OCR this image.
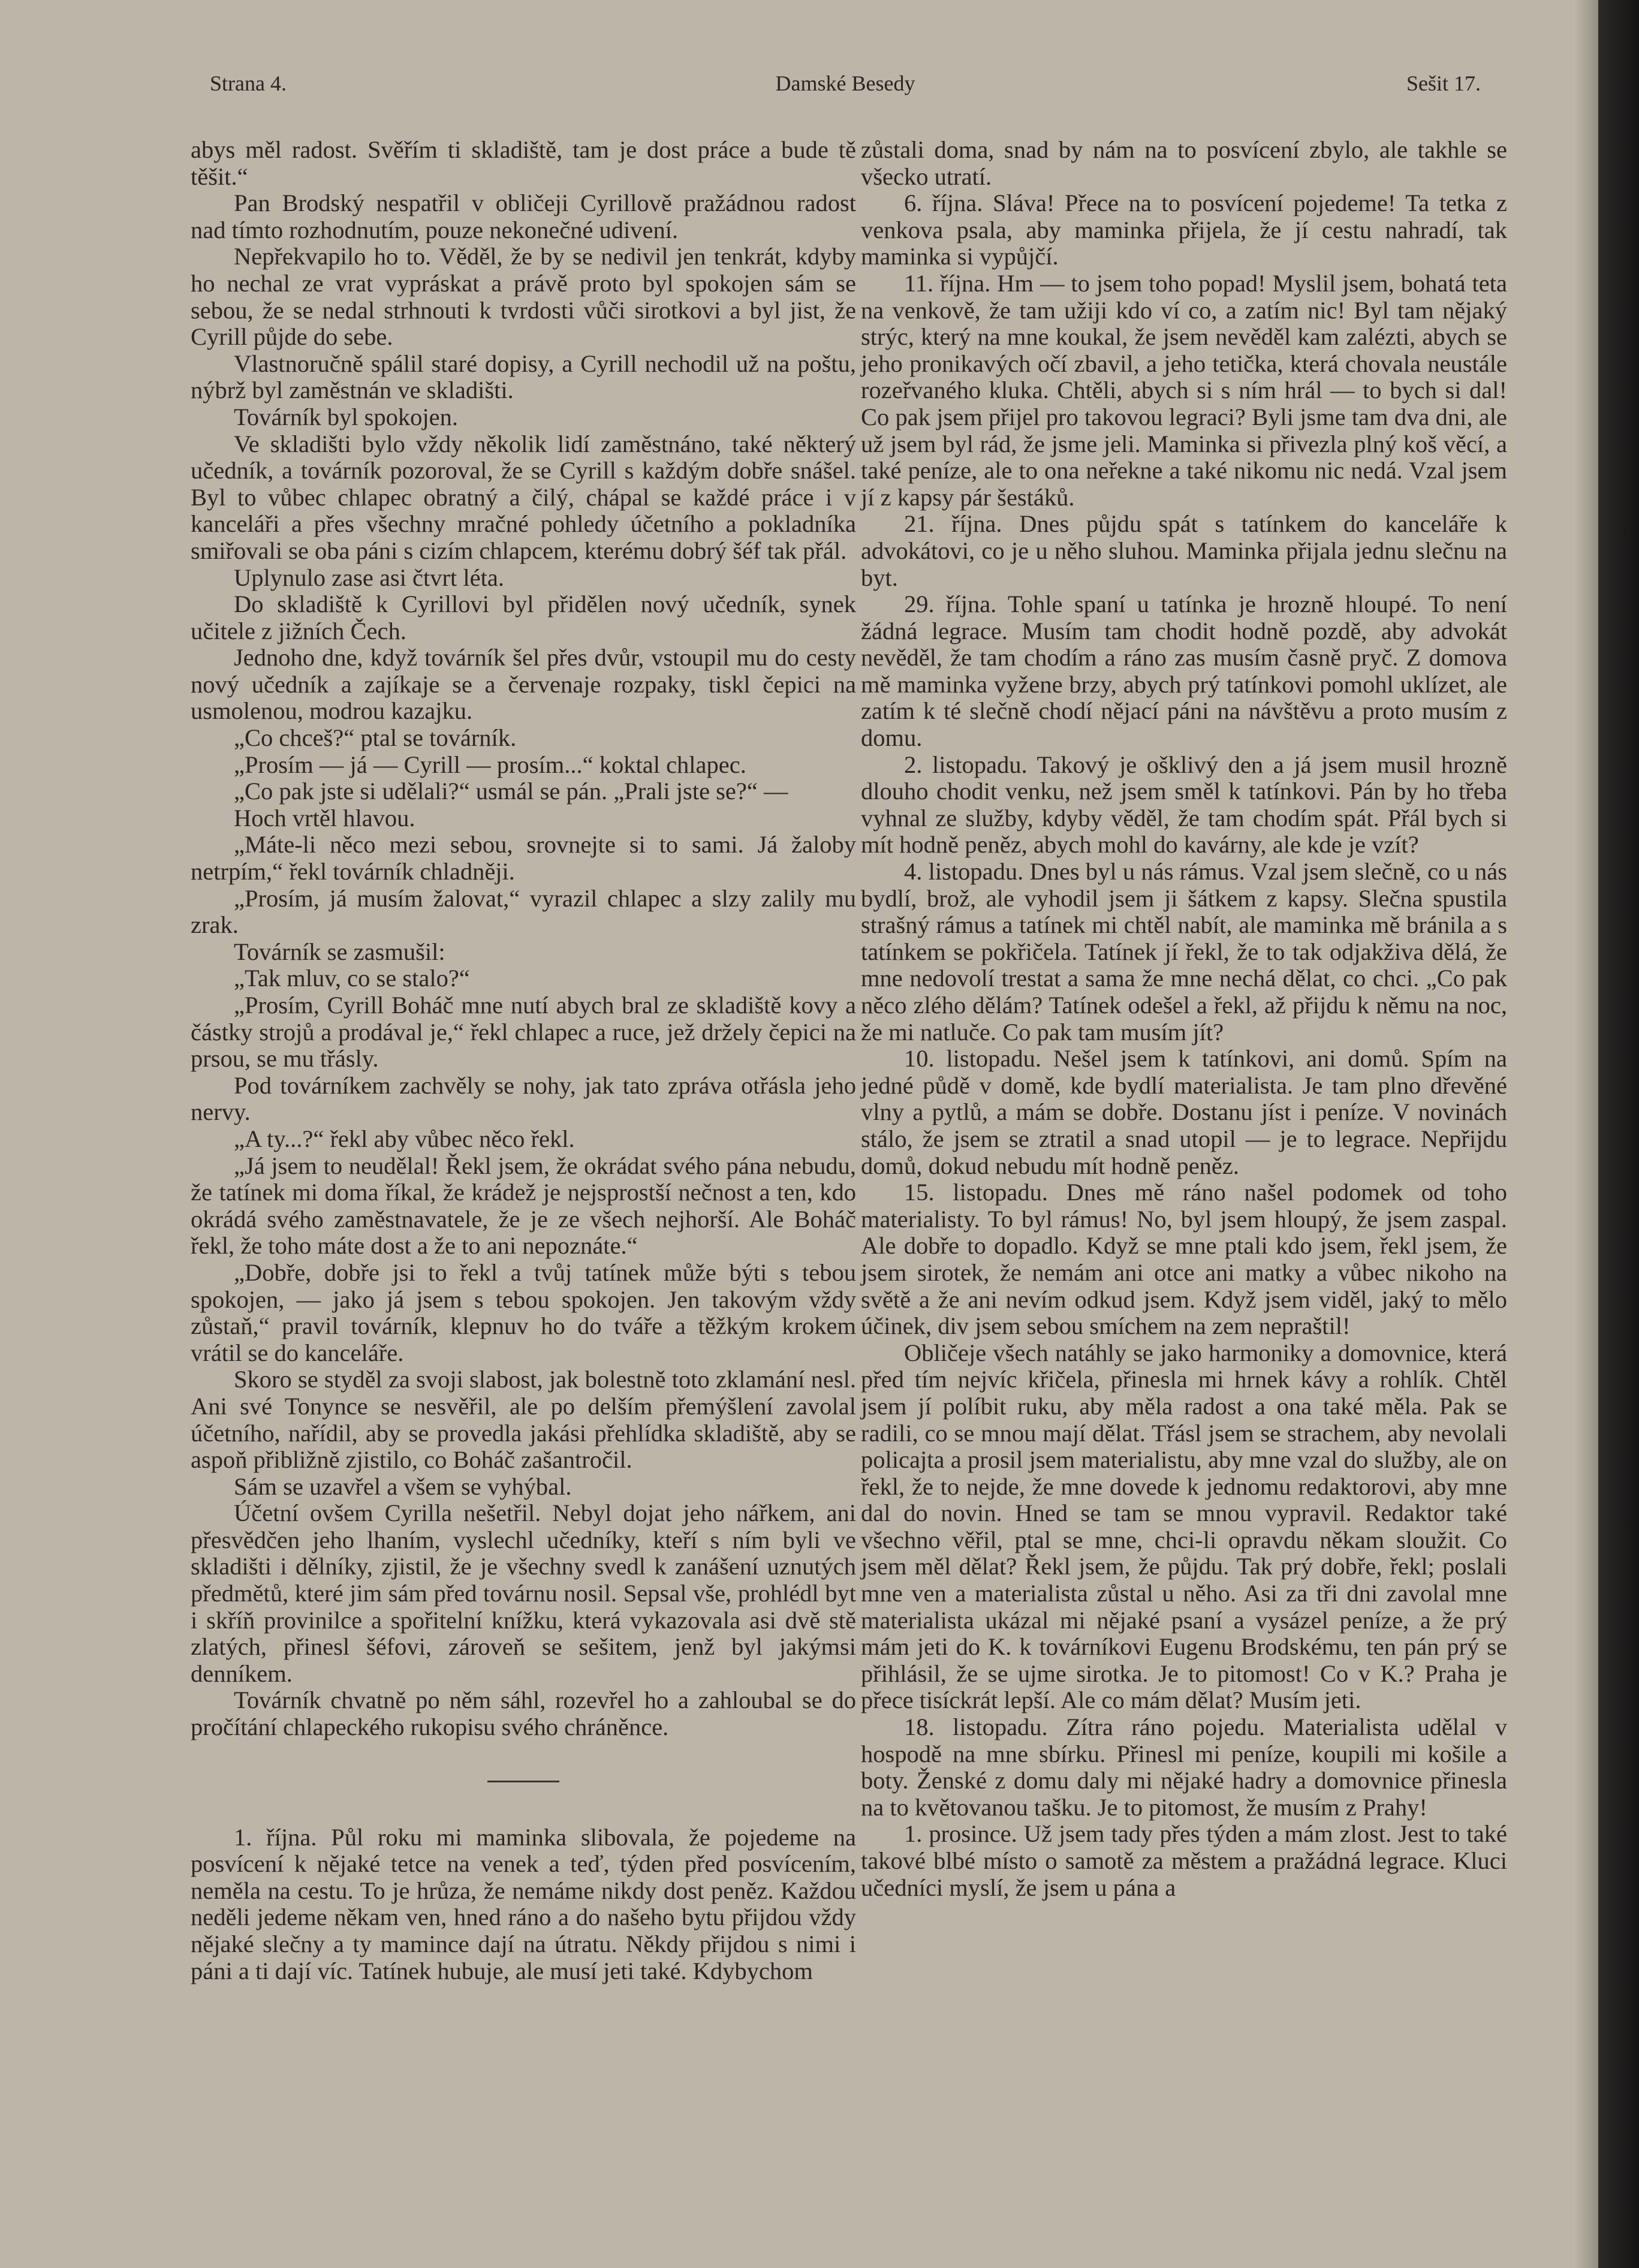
Strana 4.	Damské Besedy	Sešit 17.

abys měl radost. Svěřím ti skladiště, tam je dost práce a bude tě těšit.“

Pan Brodský nespatřil v obličeji Cyrillově pražádnou radost nad tímto rozhodnutím, pouze nekonečné udivení.

Nepřekvapilo ho to. Věděl, že by se nedivil jen tenkrát, kdyby ho nechal ze vrat vypráskat a právě proto byl spokojen sám se sebou, že se nedal strhnouti k tvrdosti vůči sirotkovi a byl jist, že Cyrill půjde do sebe.

Vlastnoručně spálil staré dopisy, a Cyrill nechodil už na poštu, nýbrž byl zaměstnán ve skladišti.

Továrník byl spokojen.

Ve skladišti bylo vždy několik lidí zaměstnáno, také některý učedník, a továrník pozoroval, že se Cyrill s každým dobře snášel. Byl to vůbec chlapec obratný a čilý, chápal se každé práce i v kanceláři a přes všechny mračné pohledy účetního a pokladníka smiřovali se oba páni s cizím chlapcem, kterému dobrý šéf tak přál.

Uplynulo zase asi čtvrt léta.

Do skladiště k Cyrillovi byl přidělen nový učedník, synek učitele z jižních Čech.

Jednoho dne, když továrník šel přes dvůr, vstoupil mu do cesty nový učedník a zajíkaje se a červenaje rozpaky, tiskl čepici na usmolenou, modrou kazajku.

„Co chceš?“ ptal se továrník.

„Prosím — já — Cyrill — prosím...“ koktal chlapec.

„Co pak jste si udělali?“ usmál se pán. „Prali jste se?“ —

Hoch vrtěl hlavou.

„Máte-li něco mezi sebou, srovnejte si to sami. Já žaloby netrpím,“ řekl továrník chladněji.

„Prosím, já musím žalovat,“ vyrazil chlapec a slzy zalily mu zrak.

Továrník se zasmušil:

„Tak mluv, co se stalo?“

„Prosím, Cyrill Boháč mne nutí abych bral ze skladiště kovy a částky strojů a prodával je,“ řekl chlapec a ruce, jež držely čepici na prsou, se mu třásly.

Pod továrníkem zachvěly se nohy, jak tato zpráva otřásla jeho nervy.

„A ty...?“ řekl aby vůbec něco řekl.

„Já jsem to neudělal! Řekl jsem, že okrádat svého pána nebudu, že tatínek mi doma říkal, že krádež je nejsprostší nečnost a ten, kdo okrádá svého zaměstnavatele, že je ze všech nejhorší. Ale Boháč řekl, že toho máte dost a že to ani nepoznáte.“

„Dobře, dobře jsi to řekl a tvůj tatínek může býti s tebou spokojen, — jako já jsem s tebou spokojen. Jen takovým vždy zůstaň,“ pravil továrník, klepnuv ho do tváře a těžkým krokem vrátil se do kanceláře.

Skoro se styděl za svoji slabost, jak bolestně toto zklamání nesl. Ani své Tonynce se nesvěřil, ale po delším přemýšlení zavolal účetního, nařídil, aby se provedla jakási přehlídka skladiště, aby se aspoň přibližně zjistilo, co Boháč zašantročil.

Sám se uzavřel a všem se vyhýbal.

Účetní ovšem Cyrilla nešetřil. Nebyl dojat jeho nářkem, ani přesvědčen jeho lhaním, vyslechl učedníky, kteří s ním byli ve skladišti i dělníky, zjistil, že je všechny svedl k zanášení uznutých předmětů, které jim sám před továrnu nosil. Sepsal vše, prohlédl byt i skříň provinilce a spořitelní knížku, která vykazovala asi dvě stě zlatých, přinesl šéfovi, zároveň se sešitem, jenž byl jakýmsi denníkem.

Továrník chvatně po něm sáhl, rozevřel ho a zahloubal se do pročítání chlapeckého rukopisu svého chráněnce.

1. října. Půl roku mi maminka slibovala, že pojedeme na posvícení k nějaké tetce na venek a teď, týden před posvícením, neměla na cestu. To je hrůza, že nemáme nikdy dost peněz. Každou neděli jedeme někam ven, hned ráno a do našeho bytu přijdou vždy nějaké slečny a ty mamince dají na útratu. Někdy přijdou s nimi i páni a ti dají víc. Tatínek hubuje, ale musí jeti také. Kdybychom

zůstali doma, snad by nám na to posvícení zbylo, ale takhle se všecko utratí.

6. října. Sláva! Přece na to posvícení pojedeme! Ta tetka z venkova psala, aby maminka přijela, že jí cestu nahradí, tak maminka si vypůjčí.

11. října. Hm — to jsem toho popad! Myslil jsem, bohatá teta na venkově, že tam užiji kdo ví co, a zatím nic! Byl tam nějaký strýc, který na mne koukal, že jsem nevěděl kam zalézti, abych se jeho pronikavých očí zbavil, a jeho tetička, která chovala neustále rozeřvaného kluka. Chtěli, abych si s ním hrál — to bych si dal! Co pak jsem přijel pro takovou legraci? Byli jsme tam dva dni, ale už jsem byl rád, že jsme jeli. Maminka si přivezla plný koš věcí, a také peníze, ale to ona neřekne a také nikomu nic nedá. Vzal jsem jí z kapsy pár šestáků.

21. října. Dnes půjdu spát s tatínkem do kanceláře k advokátovi, co je u něho sluhou. Maminka přijala jednu slečnu na byt.

29. října. Tohle spaní u tatínka je hrozně hloupé. To není žádná legrace. Musím tam chodit hodně pozdě, aby advokát nevěděl, že tam chodím a ráno zas musím časně pryč. Z domova mě maminka vyžene brzy, abych prý tatínkovi pomohl uklízet, ale zatím k té slečně chodí nějací páni na návštěvu a proto musím z domu.

2. listopadu. Takový je ošklivý den a já jsem musil hrozně dlouho chodit venku, než jsem směl k tatínkovi. Pán by ho třeba vyhnal ze služby, kdyby věděl, že tam chodím spát. Přál bych si mít hodně peněz, abych mohl do kavárny, ale kde je vzít?

4. listopadu. Dnes byl u nás rámus. Vzal jsem slečně, co u nás bydlí, brož, ale vyhodil jsem ji šátkem z kapsy. Slečna spustila strašný rámus a tatínek mi chtěl nabít, ale maminka mě bránila a s tatínkem se pokřičela. Tatínek jí řekl, že to tak odjakživa dělá, že mne nedovolí trestat a sama že mne nechá dělat, co chci. „Co pak něco zlého dělám? Tatínek odešel a řekl, až přijdu k němu na noc, že mi natluče. Co pak tam musím jít?

10. listopadu. Nešel jsem k tatínkovi, ani domů. Spím na jedné půdě v domě, kde bydlí materialista. Je tam plno dřevěné vlny a pytlů, a mám se dobře. Dostanu jíst i peníze. V novinách stálo, že jsem se ztratil a snad utopil — je to legrace. Nepřijdu domů, dokud nebudu mít hodně peněz.

15. listopadu. Dnes mě ráno našel podomek od toho materialisty. To byl rámus! No, byl jsem hloupý, že jsem zaspal. Ale dobře to dopadlo. Když se mne ptali kdo jsem, řekl jsem, že jsem sirotek, že nemám ani otce ani matky a vůbec nikoho na světě a že ani nevím odkud jsem. Když jsem viděl, jaký to mělo účinek, div jsem sebou smíchem na zem nepraštil!

Obličeje všech natáhly se jako harmoniky a domovnice, která před tím nejvíc křičela, přinesla mi hrnek kávy a rohlík. Chtěl jsem jí políbit ruku, aby měla radost a ona také měla. Pak se radili, co se mnou mají dělat. Třásl jsem se strachem, aby nevolali policajta a prosil jsem materialistu, aby mne vzal do služby, ale on řekl, že to nejde, že mne dovede k jednomu redaktorovi, aby mne dal do novin. Hned se tam se mnou vypravil. Redaktor také všechno věřil, ptal se mne, chci-li opravdu někam sloužit. Co jsem měl dělat? Řekl jsem, že půjdu. Tak prý dobře, řekl; poslali mne ven a materialista zůstal u něho. Asi za tři dni zavolal mne materialista ukázal mi nějaké psaní a vysázel peníze, a že prý mám jeti do K. k továrníkovi Eugenu Brodskému, ten pán prý se přihlásil, že se ujme sirotka. Je to pitomost! Co v K.? Praha je přece tisíckrát lepší. Ale co mám dělat? Musím jeti.

18. listopadu. Zítra ráno pojedu. Materialista udělal v hospodě na mne sbírku. Přinesl mi peníze, koupili mi košile a boty. Ženské z domu daly mi nějaké hadry a domovnice přinesla na to květovanou tašku. Je to pitomost, že musím z Prahy!

1. prosince. Už jsem tady přes týden a mám zlost. Jest to také takové blbé místo o samotě za městem a pražádná legrace. Kluci učedníci myslí, že jsem u pána a
